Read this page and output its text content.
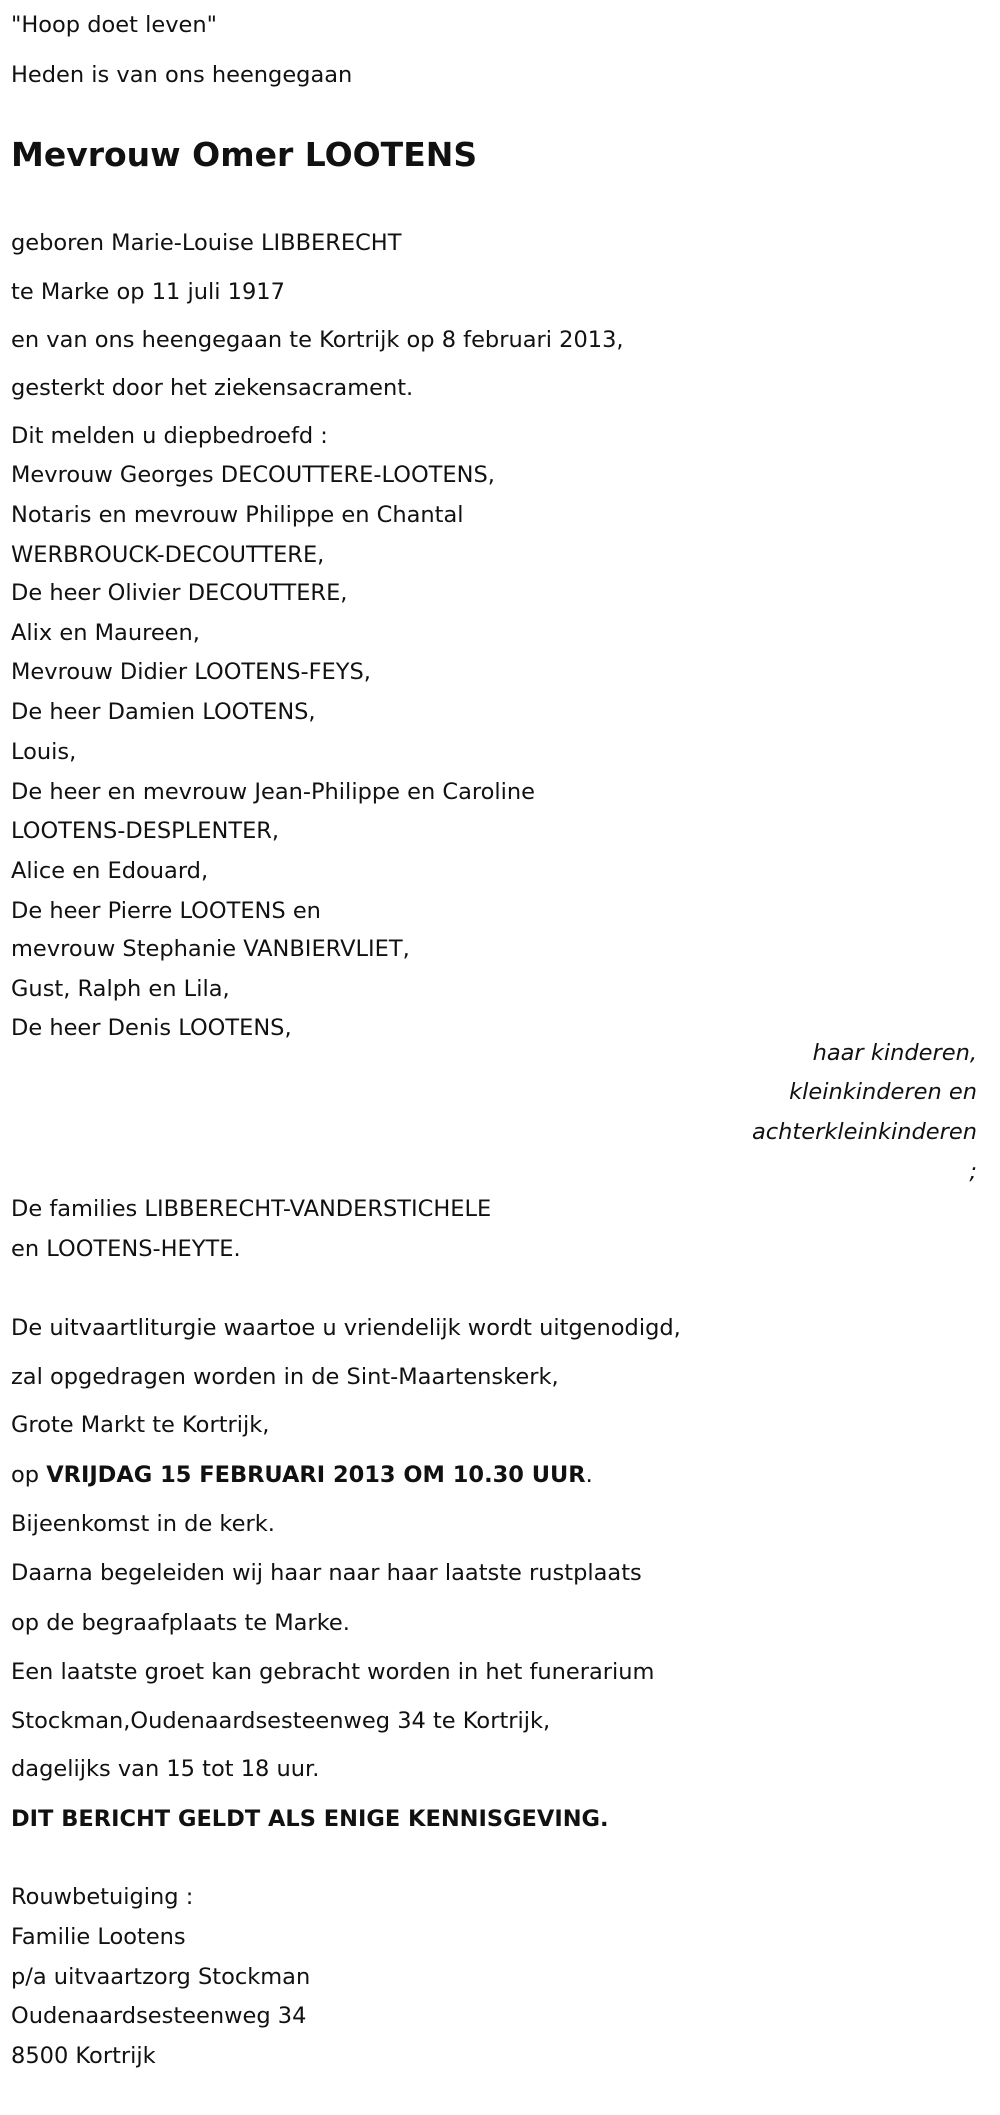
"Hoop doet leven"
Heden is van ons heengegaan
Mevrouw Omer LOOTENS
geboren Marie-Louise LIBBERECHT
te Marke op 11 juli 1917
en van ons heengegaan te Kortrijk op 8 februari 2013,
gesterkt door het ziekensacrament.
Dit melden u diepbedroefd :
Mevrouw Georges DECOUTTERE-LOOTENS,
Notaris en mevrouw Philippe en Chantal
WERBROUCK-DECOUTTERE,
De heer Olivier DECOUTTERE,
Alix en Maureen,
Mevrouw Didier LOOTENS-FEYS,
De heer Damien LOOTENS,
Louis,
De heer en mevrouw Jean-Philippe en Caroline
LOOTENS-DESPLENTER,
Alice en Edouard,
De heer Pierre LOOTENS en
mevrouw Stephanie VANBIERVLIET,
Gust, Ralph en Lila,
De heer Denis LOOTENS,
haar kinderen,
kleinkinderen en
achterkleinkinderen
;
De families LIBBERECHT-VANDERSTICHELE
en LOOTENS-HEYTE.
De uitvaartliturgie waartoe u vriendelijk wordt uitgenodigd,
zal opgedragen worden in de Sint-Maartenskerk,
Grote Markt te Kortrijk,
op VRIJDAG 15 FEBRUARI 2013 OM 10.30 UUR.
Bijeenkomst in de kerk.
Daarna begeleiden wij haar naar haar laatste rustplaats
op de begraafplaats te Marke.
Een laatste groet kan gebracht worden in het funerarium
Stockman,Oudenaardsesteenweg 34 te Kortrijk,
dagelijks van 15 tot 18 uur.
DIT BERICHT GELDT ALS ENIGE KENNISGEVING.
Rouwbetuiging :
Familie Lootens
p/a uitvaartzorg Stockman
Oudenaardsesteenweg 34
8500 Kortrijk
